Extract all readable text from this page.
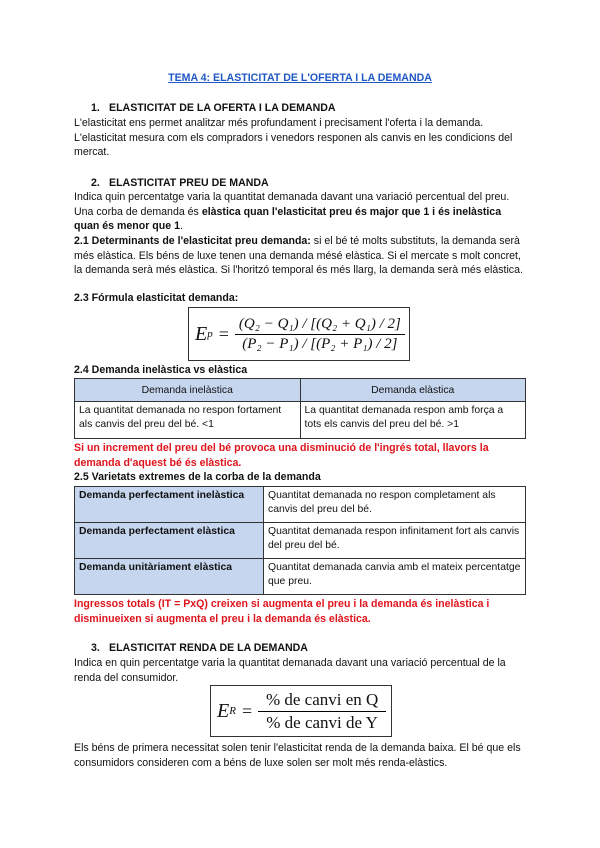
TEMA 4: ELASTICITAT DE L'OFERTA I LA DEMANDA
1. ELASTICITAT DE LA OFERTA I LA DEMANDA
L'elasticitat ens permet analitzar més profundament i precisament l'oferta i la demanda. L'elasticitat mesura com els compradors i venedors responen als canvis en les condicions del mercat.
2. ELASTICITAT PREU DE MANDA
Indica quin percentatge varia la quantitat demanada davant una variació percentual del preu. Una corba de demanda és elàstica quan l'elasticitat preu és major que 1 i és inelàstica quan és menor que 1.
2.1 Determinants de l'elasticitat preu demanda: si el bé té molts substituts, la demanda serà més elàstica. Els béns de luxe tenen una demanda mésé elàstica. Si el mercate s molt concret, la demanda serà més elàstica. Si l'horitzó temporal és més llarg, la demanda serà més elàstica.
2.3 Fórmula elasticitat demanda:
E p = (Q₂ − Q₁) / [(Q₂ + Q₁) / 2]
(P₂ − P₁) / [(P₂ + P₁) / 2]
2.4 Demanda inelàstica vs elàstica
Demanda inelàstica	Demanda elàstica
La quantitat demanada no respon fortament als canvis del preu del bé. <1	La quantitat demanada respon amb força a tots els canvis del preu del bé. >1
Si un increment del preu del bé provoca una disminució de l'ingrés total, llavors la demanda d'aquest bé és elàstica.
2.5 Varietats extremes de la corba de la demanda
Demanda perfectament inelàstica	Quantitat demanada no respon completament als canvis del preu del bé.
Demanda perfectament elàstica	Quantitat demanada respon infinitament fort als canvis del preu del bé.
Demanda unitàriament elàstica	Quantitat demanada canvia amb el mateix percentatge que preu.
Ingressos totals (IT = PxQ) creixen si augmenta el preu i la demanda és inelàstica i disminueixen si augmenta el preu i la demanda és elàstica.
3. ELASTICITAT RENDA DE LA DEMANDA
Indica en quin percentatge varia la quantitat demanada davant una variació percentual de la renda del consumidor.
E R =
% de canvi en Q
% de canvi de Y
Els béns de primera necessitat solen tenir l'elasticitat renda de la demanda baixa. El bé que els consumidors consideren com a béns de luxe solen ser molt més renda-elàstics.
